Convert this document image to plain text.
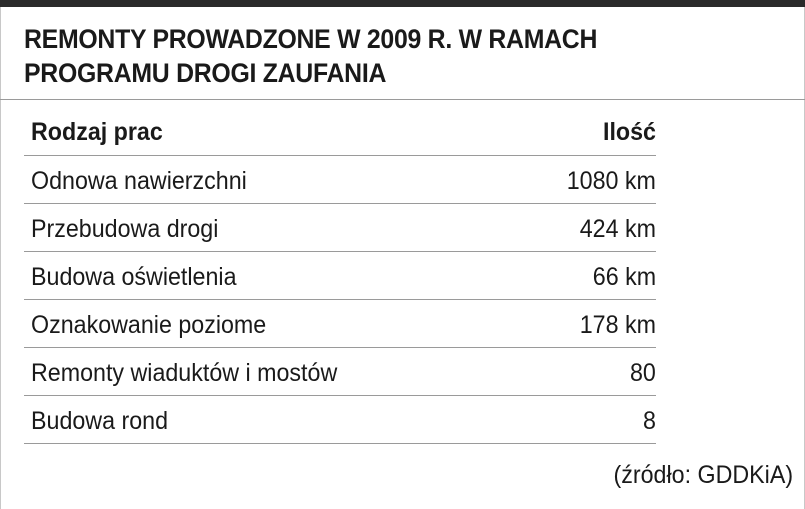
REMONTY PROWADZONE W 2009 R. W RAMACH
PROGRAMU DROGI ZAUFANIA
Rodzaj prac	Ilość
Odnowa nawierzchni	1080 km
Przebudowa drogi	424 km
Budowa oświetlenia	66 km
Oznakowanie poziome	178 km
Remonty wiaduktów i mostów	80
Budowa rond	8
(źródło: GDDKiA)
